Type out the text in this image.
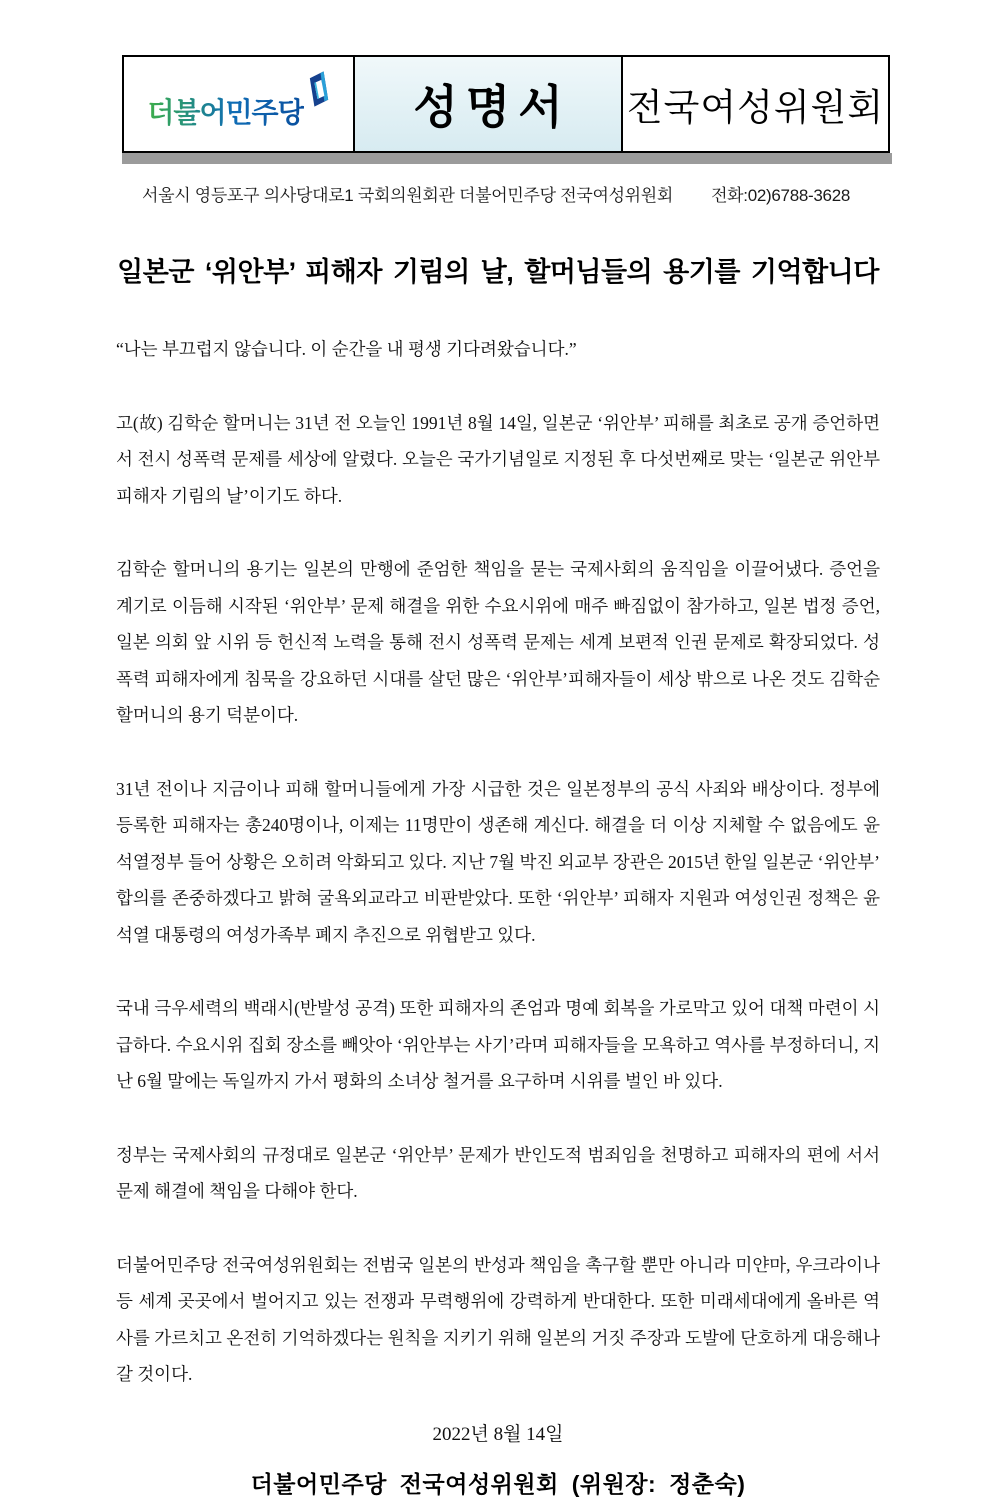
더불어민주당	성명서 전국여성위원회
서울시 영등포구 의사당대로1 국회의원회관 더불어민주당 전국여성위원회 전화:02)6788-3628
일본군 ‘위안부’ 피해자 기림의 날, 할머님들의 용기를 기억합니다

“나는 부끄럽지 않습니다. 이 순간을 내 평생 기다려왔습니다.”

고(故) 김학순 할머니는 31년 전 오늘인 1991년 8월 14일, 일본군 ‘위안부’ 피해를 최초로 공개 증언하면서 전시 성폭력 문제를 세상에 알렸다. 오늘은 국가기념일로 지정된 후 다섯번째로 맞는 ‘일본군 위안부 피해자 기림의 날’이기도 하다.

김학순 할머니의 용기는 일본의 만행에 준엄한 책임을 묻는 국제사회의 움직임을 이끌어냈다. 증언을 계기로 이듬해 시작된 ‘위안부’ 문제 해결을 위한 수요시위에 매주 빠짐없이 참가하고, 일본 법정 증언, 일본 의회 앞 시위 등 헌신적 노력을 통해 전시 성폭력 문제는 세계 보편적 인권 문제로 확장되었다. 성폭력 피해자에게 침묵을 강요하던 시대를 살던 많은 ‘위안부’피해자들이 세상 밖으로 나온 것도 김학순 할머니의 용기 덕분이다.

31년 전이나 지금이나 피해 할머니들에게 가장 시급한 것은 일본정부의 공식 사죄와 배상이다. 정부에 등록한 피해자는 총240명이나, 이제는 11명만이 생존해 계신다. 해결을 더 이상 지체할 수 없음에도 윤석열정부 들어 상황은 오히려 악화되고 있다. 지난 7월 박진 외교부 장관은 2015년 한일 일본군 ‘위안부’ 합의를 존중하겠다고 밝혀 굴욕외교라고 비판받았다. 또한 ‘위안부’ 피해자 지원과 여성인권 정책은 윤석열 대통령의 여성가족부 폐지 추진으로 위협받고 있다.

국내 극우세력의 백래시(반발성 공격) 또한 피해자의 존엄과 명예 회복을 가로막고 있어 대책 마련이 시급하다. 수요시위 집회 장소를 빼앗아 ‘위안부는 사기’라며 피해자들을 모욕하고 역사를 부정하더니, 지난 6월 말에는 독일까지 가서 평화의 소녀상 철거를 요구하며 시위를 벌인 바 있다.

정부는 국제사회의 규정대로 일본군 ‘위안부’ 문제가 반인도적 범죄임을 천명하고 피해자의 편에 서서 문제 해결에 책임을 다해야 한다.

더불어민주당 전국여성위원회는 전범국 일본의 반성과 책임을 촉구할 뿐만 아니라 미얀마, 우크라이나 등 세계 곳곳에서 벌어지고 있는 전쟁과 무력행위에 강력하게 반대한다. 또한 미래세대에게 올바른 역사를 가르치고 온전히 기억하겠다는 원칙을 지키기 위해 일본의 거짓 주장과 도발에 단호하게 대응해나갈 것이다.

2022년 8월 14일
더불어민주당 전국여성위원회 (위원장: 정춘숙)
